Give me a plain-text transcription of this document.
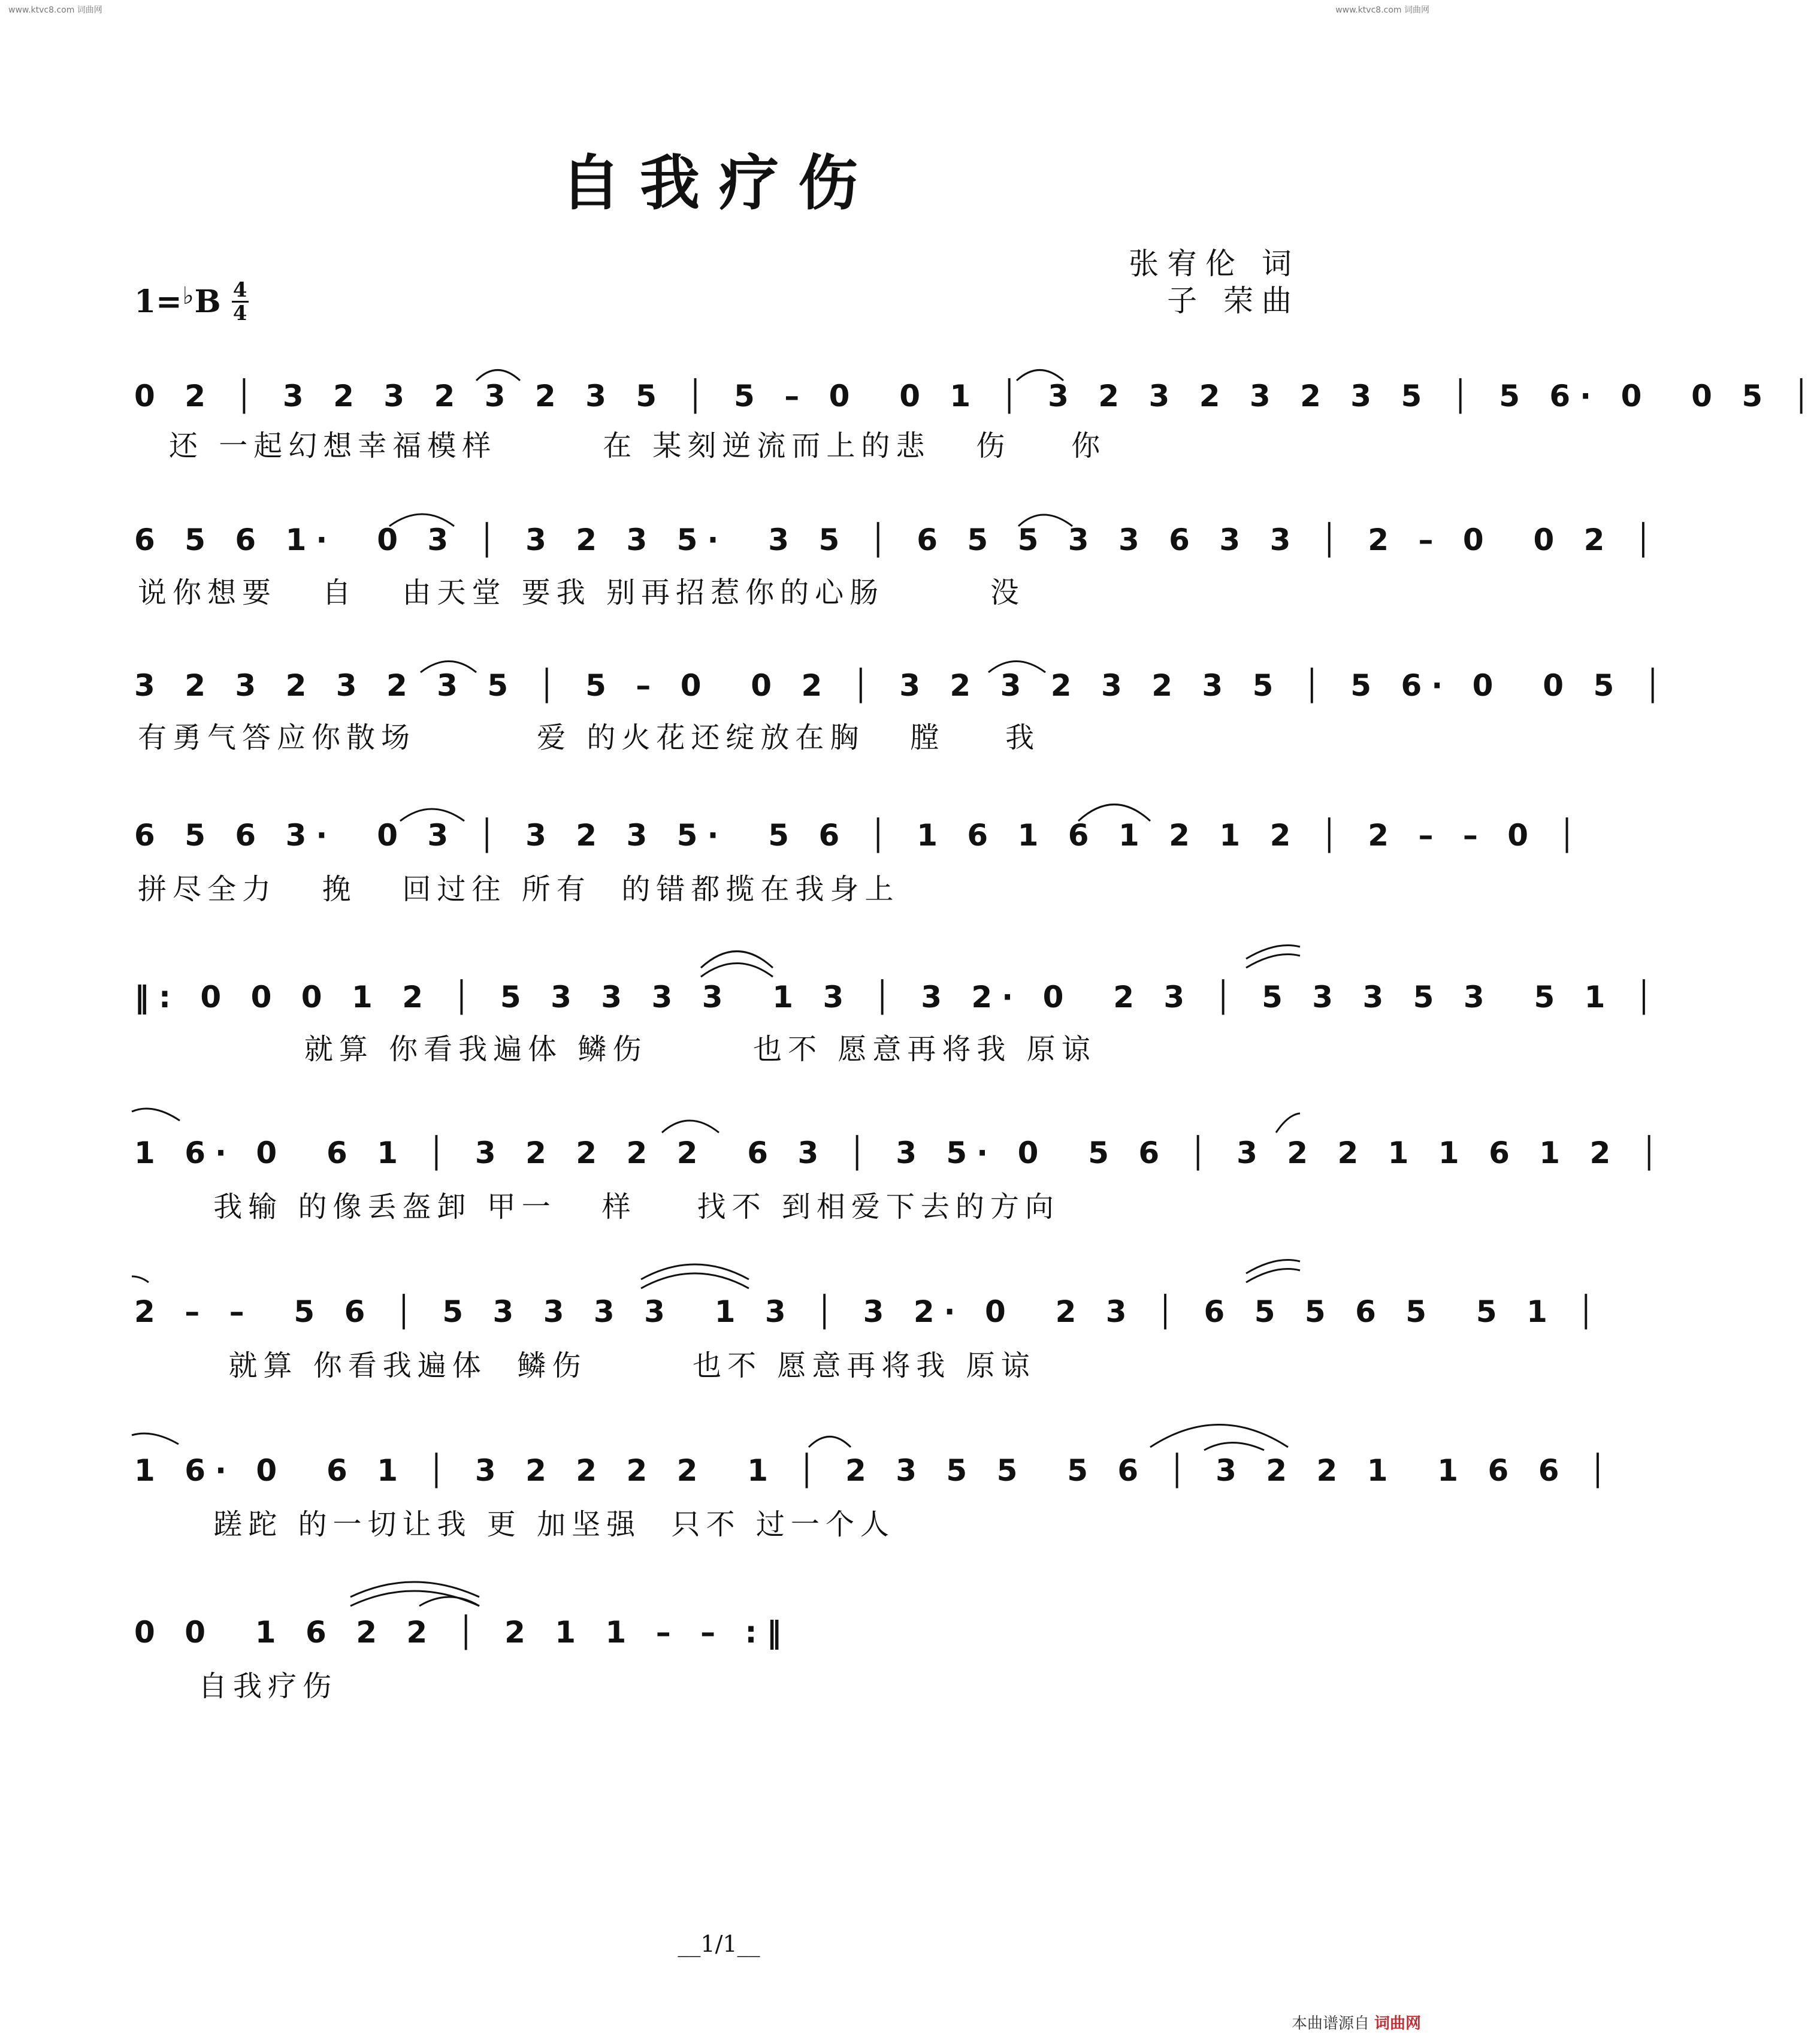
www.ktvc8.com 词曲网	www.ktvc8.com 词曲网
自我疗伤
张宥伦 词
子 荣曲
$1=^♭B \frac{4}{4}$
0 2 │ 3 2 3 2 3 2 3 5 │ 5 – 0  0 1 │ 3 2 3 2 3 2 3 5 │ 5 6· 0  0 5 │
还 一起幻想幸福模样       在 某刻逆流而上的悲   伤    你
6 5 6 1·  0 3 │ 3 2 3 5·  3 5 │ 6 5 5 3 3 6 3 3 │ 2 – 0  0 2 │
说你想要   自   由天堂 要我 别再招惹你的心肠       没
3 2 3 2 3 2 3 5 │ 5 – 0  0 2 │ 3 2 3 2 3 2 3 5 │ 5 6· 0  0 5 │
有勇气答应你散场        爱 的火花还绽放在胸   膛    我
6 5 6 3·  0 3 │ 3 2 3 5·  5 6 │ 1 6 1 6 1 2 1 2 │ 2 – – 0 │
拼尽全力   挽   回过往 所有  的错都揽在我身上
‖: 0 0 0 1 2 │ 5 3 3 3 3  1 3 │ 3 2· 0  2 3 │ 5 3 3 5 3  5 1 │
就算 你看我遍体 鳞伤       也不 愿意再将我 原谅
1 6· 0  6 1 │ 3 2 2 2 2  6 3 │ 3 5· 0  5 6 │ 3 2 2 1 1 6 1 2 │
我输 的像丢盔卸 甲一   样    找不 到相爱下去的方向
2 – –  5 6 │ 5 3 3 3 3  1 3 │ 3 2· 0  2 3 │ 6 5 5 6 5  5 1 │
就算 你看我遍体  鳞伤       也不 愿意再将我 原谅
1 6· 0  6 1 │ 3 2 2 2 2  1 │ 2 3 5 5  5 6 │ 3 2 2 1  1 6 6 │
蹉跎 的一切让我 更 加坚强  只不 过一个人
0 0  1 6 2 2 │ 2 1 1 – – :‖
自我疗伤
__1/1__
本曲谱源自 词曲网
